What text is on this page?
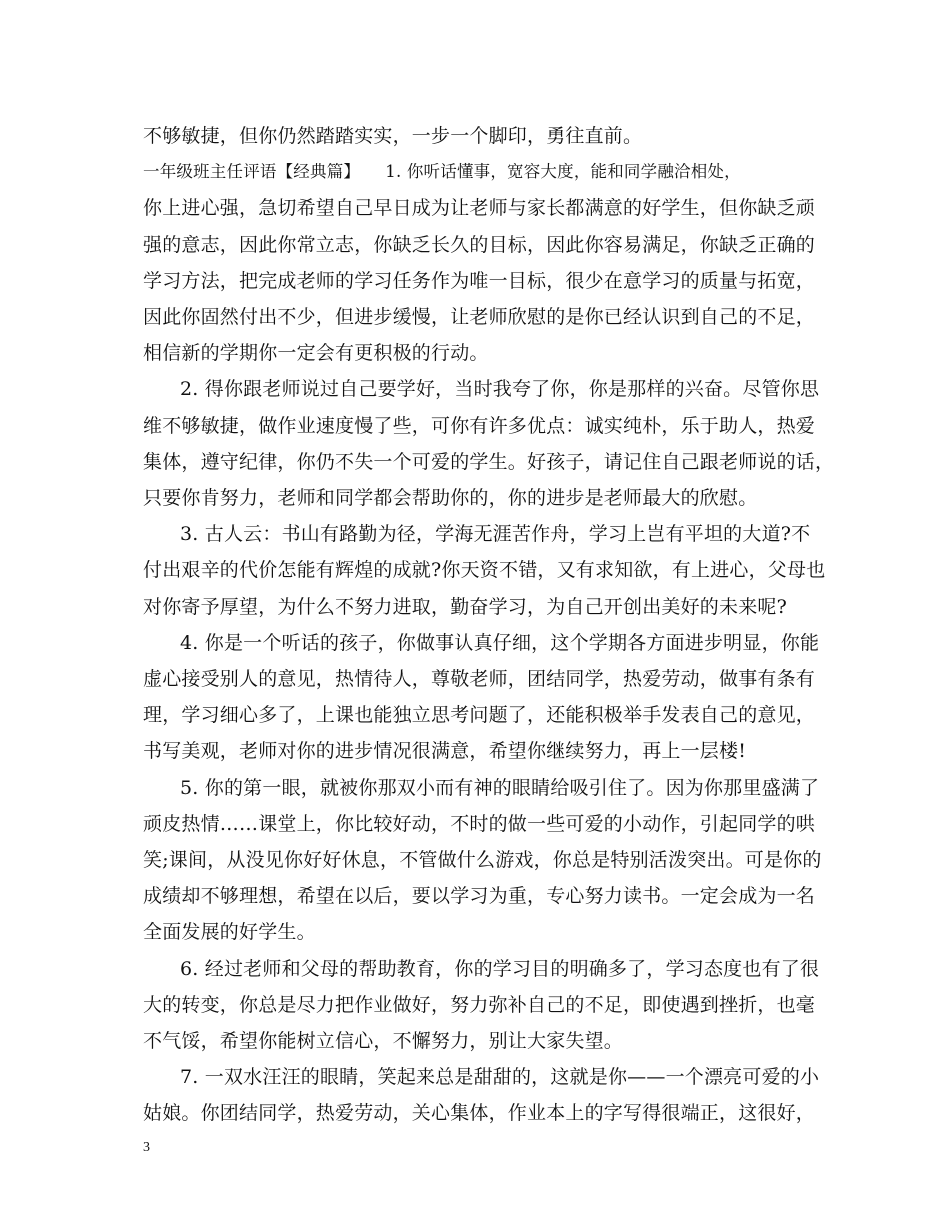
不够敏捷，但你仍然踏踏实实，一步一个脚印，勇往直前。
一年级班主任评语【经典篇】　　1. 你听话懂事，宽容大度，能和同学融洽相处，
你上进心强，急切希望自己早日成为让老师与家长都满意的好学生，但你缺乏顽
强的意志，因此你常立志，你缺乏长久的目标，因此你容易满足，你缺乏正确的
学习方法，把完成老师的学习任务作为唯一目标，很少在意学习的质量与拓宽，
因此你固然付出不少，但进步缓慢，让老师欣慰的是你已经认识到自己的不足，
相信新的学期你一定会有更积极的行动。
2. 得你跟老师说过自己要学好，当时我夸了你，你是那样的兴奋。尽管你思
维不够敏捷，做作业速度慢了些，可你有许多优点：诚实纯朴，乐于助人，热爱
集体，遵守纪律，你仍不失一个可爱的学生。好孩子，请记住自己跟老师说的话，
只要你肯努力，老师和同学都会帮助你的，你的进步是老师最大的欣慰。
3. 古人云：书山有路勤为径，学海无涯苦作舟，学习上岂有平坦的大道?不
付出艰辛的代价怎能有辉煌的成就?你天资不错，又有求知欲，有上进心，父母也
对你寄予厚望，为什么不努力进取，勤奋学习，为自己开创出美好的未来呢?
4. 你是一个听话的孩子，你做事认真仔细，这个学期各方面进步明显，你能
虚心接受别人的意见，热情待人，尊敬老师，团结同学，热爱劳动，做事有条有
理，学习细心多了，上课也能独立思考问题了，还能积极举手发表自己的意见，
书写美观，老师对你的进步情况很满意，希望你继续努力，再上一层楼!
5. 你的第一眼，就被你那双小而有神的眼睛给吸引住了。因为你那里盛满了
顽皮热情……课堂上，你比较好动，不时的做一些可爱的小动作，引起同学的哄
笑;课间，从没见你好好休息，不管做什么游戏，你总是特别活泼突出。可是你的
成绩却不够理想，希望在以后，要以学习为重，专心努力读书。一定会成为一名
全面发展的好学生。
6. 经过老师和父母的帮助教育，你的学习目的明确多了，学习态度也有了很
大的转变，你总是尽力把作业做好，努力弥补自己的不足，即使遇到挫折，也毫
不气馁，希望你能树立信心，不懈努力，别让大家失望。
7. 一双水汪汪的眼睛，笑起来总是甜甜的，这就是你——一个漂亮可爱的小
姑娘。你团结同学，热爱劳动，关心集体，作业本上的字写得很端正，这很好，
3
